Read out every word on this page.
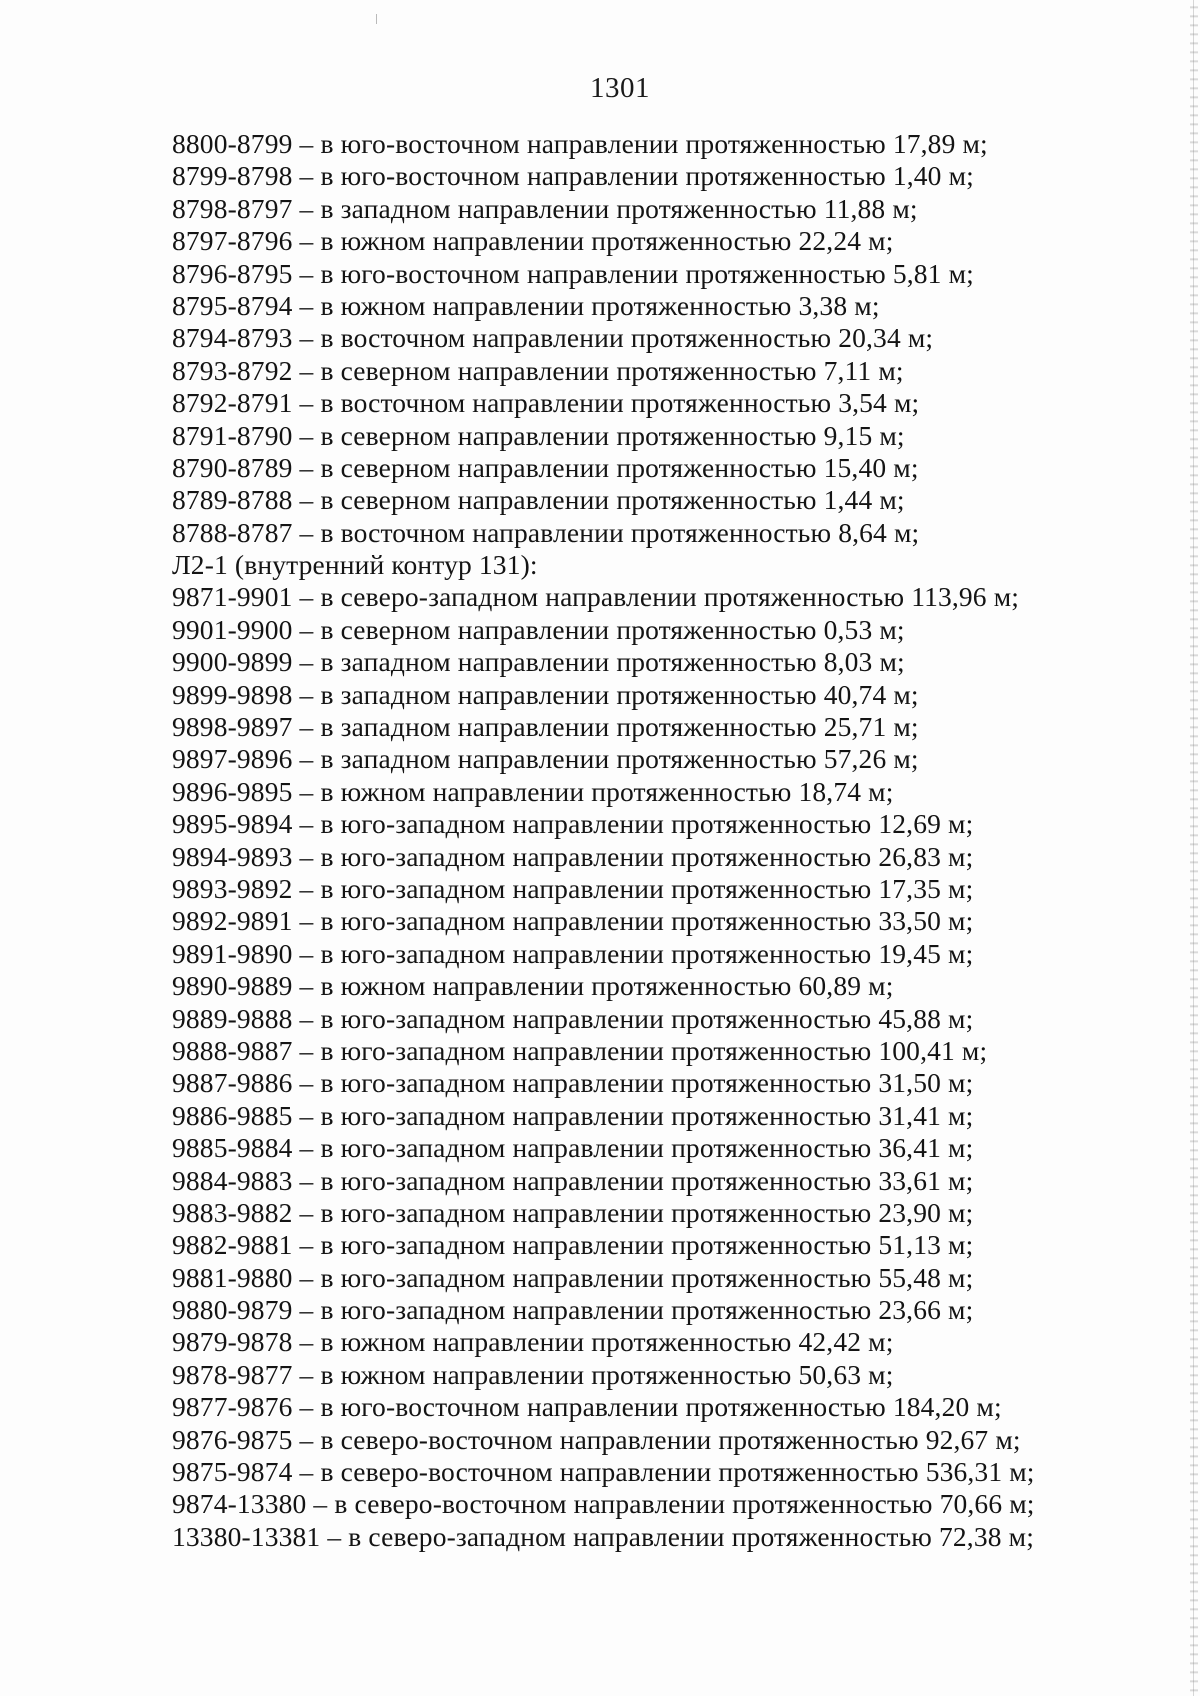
1301
8800-8799 – в юго-восточном направлении протяженностью 17,89 м;
8799-8798 – в юго-восточном направлении протяженностью 1,40 м;
8798-8797 – в западном направлении протяженностью 11,88 м;
8797-8796 – в южном направлении протяженностью 22,24 м;
8796-8795 – в юго-восточном направлении протяженностью 5,81 м;
8795-8794 – в южном направлении протяженностью 3,38 м;
8794-8793 – в восточном направлении протяженностью 20,34 м;
8793-8792 – в северном направлении протяженностью 7,11 м;
8792-8791 – в восточном направлении протяженностью 3,54 м;
8791-8790 – в северном направлении протяженностью 9,15 м;
8790-8789 – в северном направлении протяженностью 15,40 м;
8789-8788 – в северном направлении протяженностью 1,44 м;
8788-8787 – в восточном направлении протяженностью 8,64 м;
Л2-1 (внутренний контур 131):
9871-9901 – в северо-западном направлении протяженностью 113,96 м;
9901-9900 – в северном направлении протяженностью 0,53 м;
9900-9899 – в западном направлении протяженностью 8,03 м;
9899-9898 – в западном направлении протяженностью 40,74 м;
9898-9897 – в западном направлении протяженностью 25,71 м;
9897-9896 – в западном направлении протяженностью 57,26 м;
9896-9895 – в южном направлении протяженностью 18,74 м;
9895-9894 – в юго-западном направлении протяженностью 12,69 м;
9894-9893 – в юго-западном направлении протяженностью 26,83 м;
9893-9892 – в юго-западном направлении протяженностью 17,35 м;
9892-9891 – в юго-западном направлении протяженностью 33,50 м;
9891-9890 – в юго-западном направлении протяженностью 19,45 м;
9890-9889 – в южном направлении протяженностью 60,89 м;
9889-9888 – в юго-западном направлении протяженностью 45,88 м;
9888-9887 – в юго-западном направлении протяженностью 100,41 м;
9887-9886 – в юго-западном направлении протяженностью 31,50 м;
9886-9885 – в юго-западном направлении протяженностью 31,41 м;
9885-9884 – в юго-западном направлении протяженностью 36,41 м;
9884-9883 – в юго-западном направлении протяженностью 33,61 м;
9883-9882 – в юго-западном направлении протяженностью 23,90 м;
9882-9881 – в юго-западном направлении протяженностью 51,13 м;
9881-9880 – в юго-западном направлении протяженностью 55,48 м;
9880-9879 – в юго-западном направлении протяженностью 23,66 м;
9879-9878 – в южном направлении протяженностью 42,42 м;
9878-9877 – в южном направлении протяженностью 50,63 м;
9877-9876 – в юго-восточном направлении протяженностью 184,20 м;
9876-9875 – в северо-восточном направлении протяженностью 92,67 м;
9875-9874 – в северо-восточном направлении протяженностью 536,31 м;
9874-13380 – в северо-восточном направлении протяженностью 70,66 м;
13380-13381 – в северо-западном направлении протяженностью 72,38 м;
